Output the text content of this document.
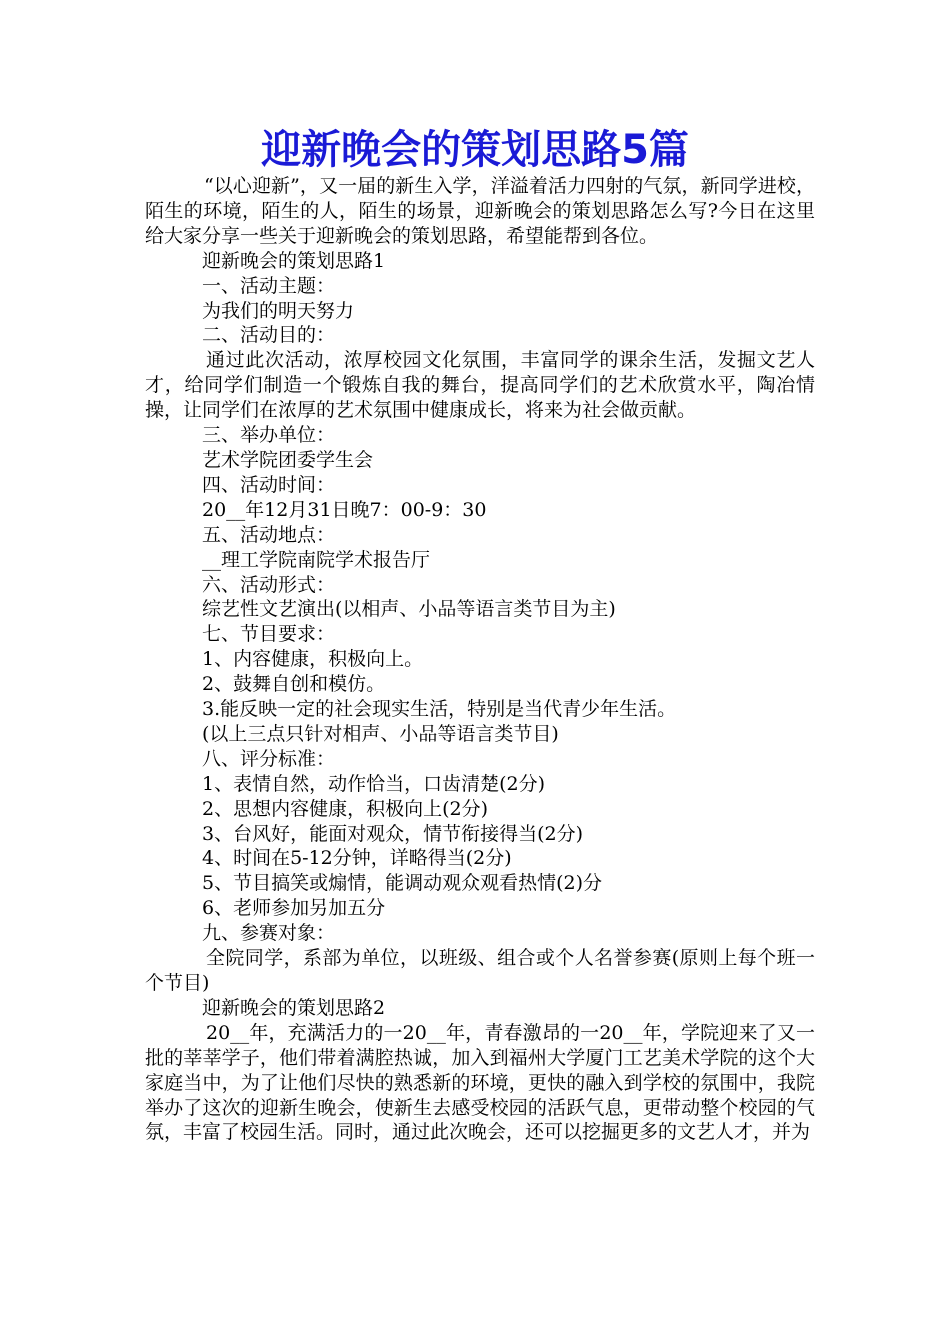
迎新晚会的策划思路5篇

“以心迎新”，又一届的新生入学，洋溢着活力四射的气氛，新同学进校，陌生的环境，陌生的人，陌生的场景，迎新晚会的策划思路怎么写?今日在这里给大家分享一些关于迎新晚会的策划思路，希望能帮到各位。

迎新晚会的策划思路1

一、活动主题：

为我们的明天努力

二、活动目的：

通过此次活动，浓厚校园文化氛围，丰富同学的课余生活，发掘文艺人才，给同学们制造一个锻炼自我的舞台，提高同学们的艺术欣赏水平，陶冶情操，让同学们在浓厚的艺术氛围中健康成长，将来为社会做贡献。

三、举办单位：

艺术学院团委学生会

四、活动时间：

20__年12月31日晚7：00-9：30

五、活动地点：

__理工学院南院学术报告厅

六、活动形式：

综艺性文艺演出(以相声、小品等语言类节目为主)

七、节目要求：

1、内容健康，积极向上。

2、鼓舞自创和模仿。

3.能反映一定的社会现实生活，特别是当代青少年生活。

(以上三点只针对相声、小品等语言类节目)

八、评分标准：

1、表情自然，动作恰当，口齿清楚(2分)

2、思想内容健康，积极向上(2分)

3、台风好，能面对观众，情节衔接得当(2分)

4、时间在5-12分钟，详略得当(2分)

5、节目搞笑或煽情，能调动观众观看热情(2)分

6、老师参加另加五分

九、参赛对象：

全院同学，系部为单位，以班级、组合或个人名誉参赛(原则上每个班一个节目)

迎新晚会的策划思路2

20__年，充满活力的一20__年，青春激昂的一20__年，学院迎来了又一批的莘莘学子，他们带着满腔热诚，加入到福州大学厦门工艺美术学院的这个大家庭当中，为了让他们尽快的熟悉新的环境，更快的融入到学校的氛围中，我院举办了这次的迎新生晚会，使新生去感受校园的活跃气息，更带动整个校园的气氛，丰富了校园生活。同时，通过此次晚会，还可以挖掘更多的文艺人才，并为
